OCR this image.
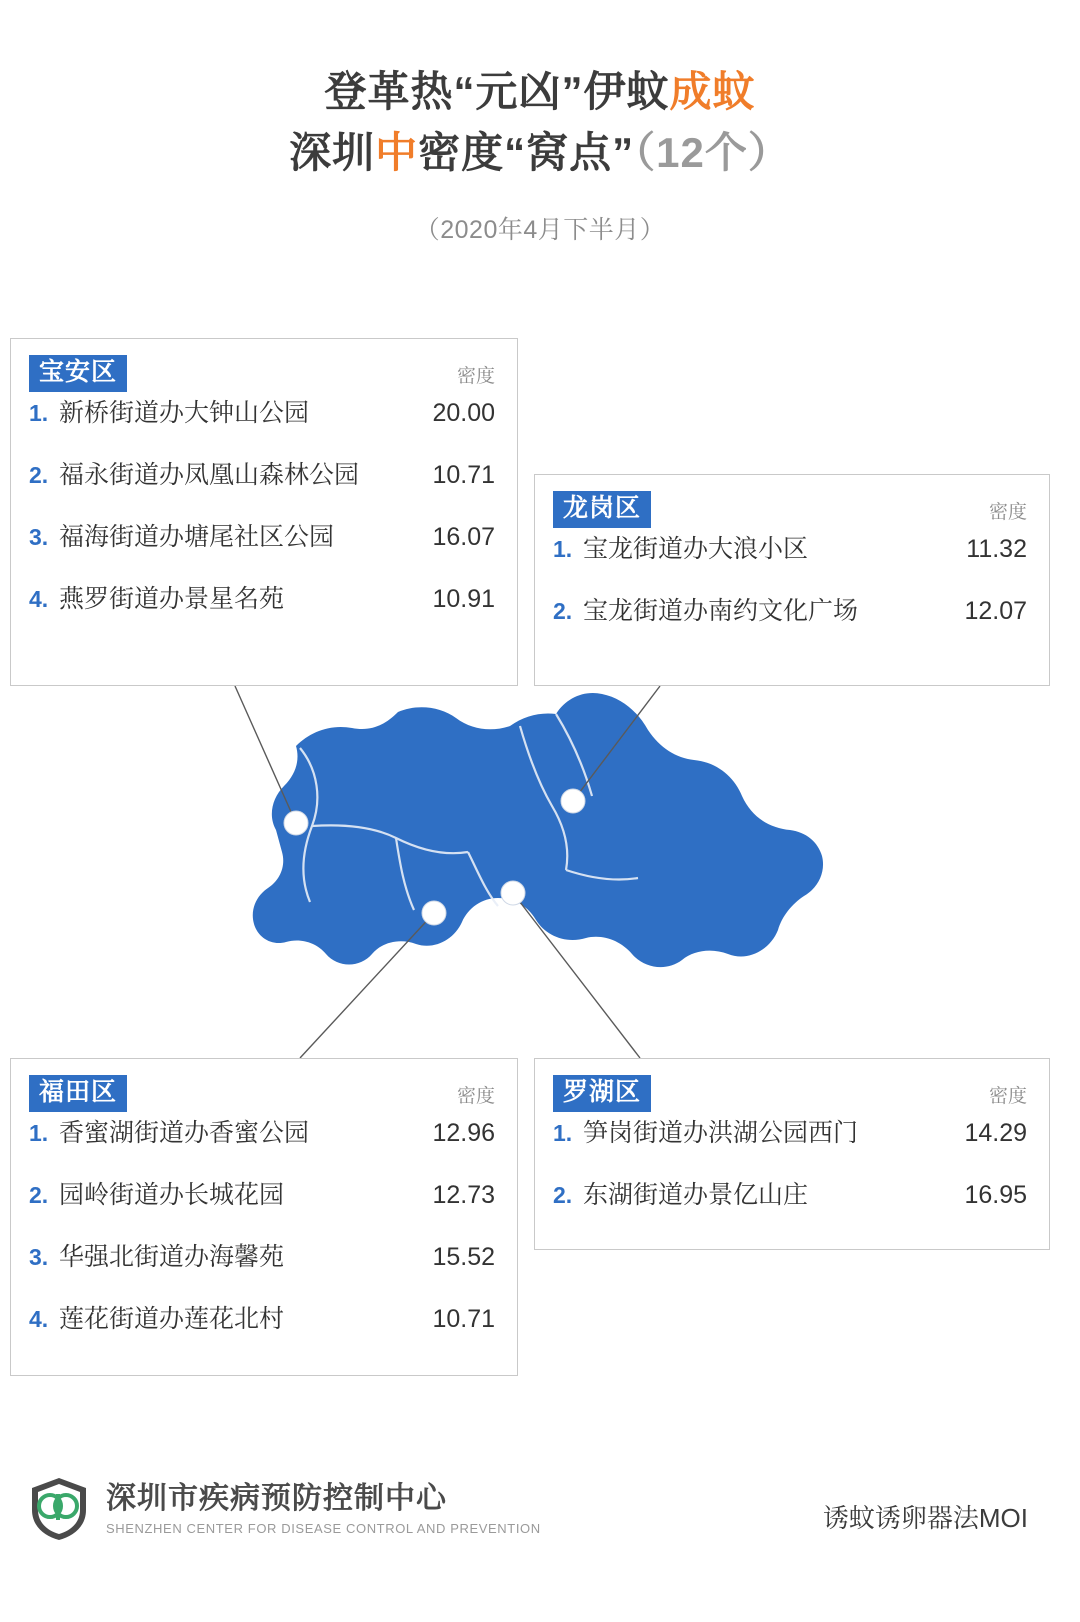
登革热“元凶”伊蚊成蚊
深圳中密度“窝点”（12个）
（2020年4月下半月）
宝安区	密度
1. 新桥街道办大钟山公园	20.00
2. 福永街道办凤凰山森林公园	10.71
3. 福海街道办塘尾社区公园	16.07
4. 燕罗街道办景星名苑	10.91
龙岗区	密度
1. 宝龙街道办大浪小区	11.32
2. 宝龙街道办南约文化广场	12.07
福田区	密度
1. 香蜜湖街道办香蜜公园	12.96
2. 园岭街道办长城花园	12.73
3. 华强北街道办海馨苑	15.52
4. 莲花街道办莲花北村	10.71
罗湖区	密度
1. 笋岗街道办洪湖公园西门	14.29
2. 东湖街道办景亿山庄	16.95
深圳市疾病预防控制中心
SHENZHEN CENTER FOR DISEASE CONTROL AND PREVENTION	诱蚊诱卵器法MOI
